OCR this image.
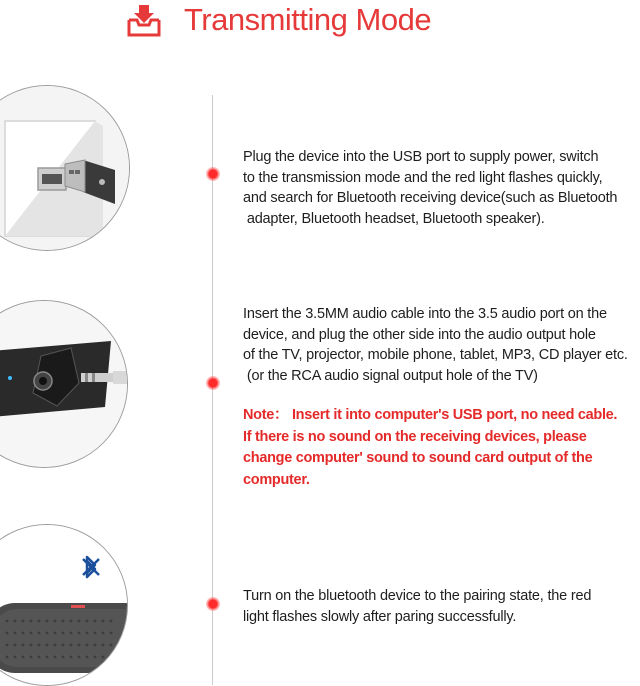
Transmitting Mode

Plug the device into the USB port to supply power, switch

to the transmission mode and the red light flashes quickly,

and search for Bluetooth receiving device(such as Bluetooth

adapter, Bluetooth headset, Bluetooth speaker).

Insert the 3.5MM audio cable into the 3.5 audio port on the

device, and plug the other side into the audio output hole

of the TV, projector, mobile phone, tablet, MP3, CD player etc.

(or the RCA audio signal output hole of the TV)

Note： Insert it into computer's USB port, no need cable.

If there is no sound on the receiving devices, please

change computer' sound to sound card output of the

computer.

Turn on the bluetooth device to the pairing state, the red

light flashes slowly after paring successfully.
